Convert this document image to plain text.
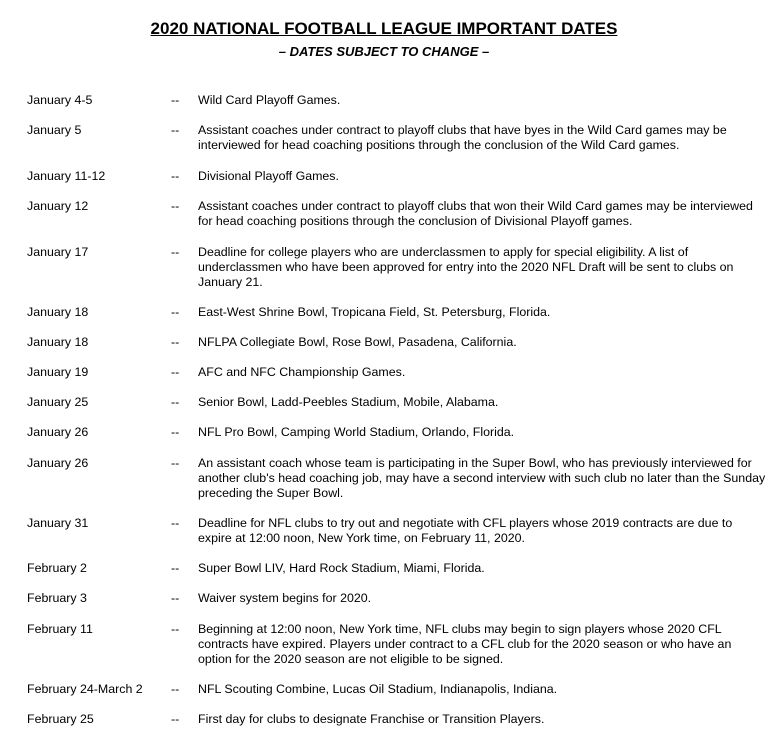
2020 NATIONAL FOOTBALL LEAGUE IMPORTANT DATES
– DATES SUBJECT TO CHANGE –
January 4-5	-- Wild Card Playoff Games.
January 5	-- Assistant coaches under contract to playoff clubs that have byes in the Wild Card games may be interviewed for head coaching positions through the conclusion of the Wild Card games.
January 11-12	-- Divisional Playoff Games.
January 12	-- Assistant coaches under contract to playoff clubs that won their Wild Card games may be interviewed for head coaching positions through the conclusion of Divisional Playoff games.
January 17	-- Deadline for college players who are underclassmen to apply for special eligibility. A list of underclassmen who have been approved for entry into the 2020 NFL Draft will be sent to clubs on January 21.
January 18	-- East-West Shrine Bowl, Tropicana Field, St. Petersburg, Florida.
January 18	-- NFLPA Collegiate Bowl, Rose Bowl, Pasadena, California.
January 19	-- AFC and NFC Championship Games.
January 25	-- Senior Bowl, Ladd-Peebles Stadium, Mobile, Alabama.
January 26	-- NFL Pro Bowl, Camping World Stadium, Orlando, Florida.
January 26	-- An assistant coach whose team is participating in the Super Bowl, who has previously interviewed for another club's head coaching job, may have a second interview with such club no later than the Sunday preceding the Super Bowl.
January 31	-- Deadline for NFL clubs to try out and negotiate with CFL players whose 2019 contracts are due to expire at 12:00 noon, New York time, on February 11, 2020.
February 2	-- Super Bowl LIV, Hard Rock Stadium, Miami, Florida.
February 3	-- Waiver system begins for 2020.
February 11	-- Beginning at 12:00 noon, New York time, NFL clubs may begin to sign players whose 2020 CFL contracts have expired. Players under contract to a CFL club for the 2020 season or who have an option for the 2020 season are not eligible to be signed.
February 24-March 2 -- NFL Scouting Combine, Lucas Oil Stadium, Indianapolis, Indiana.
February 25	-- First day for clubs to designate Franchise or Transition Players.
